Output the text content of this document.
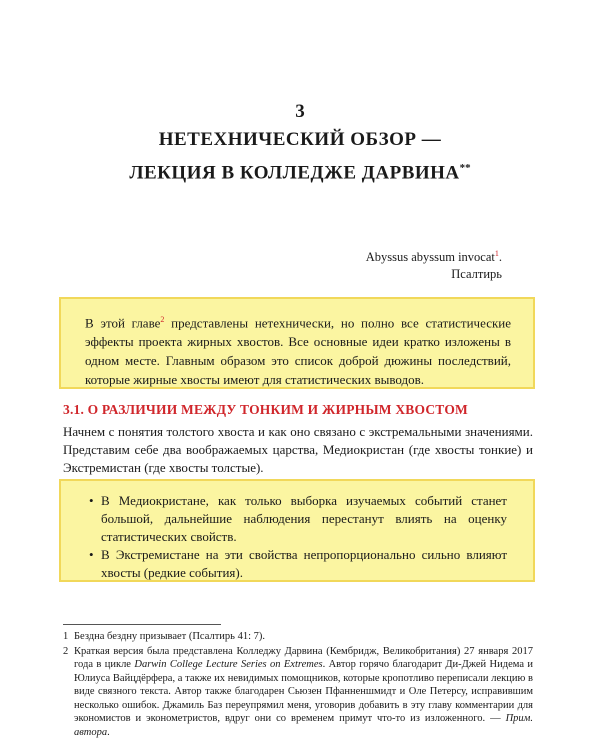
3
НЕТЕХНИЧЕСКИЙ ОБЗОР —
ЛЕКЦИЯ В КОЛЛЕДЖЕ ДАРВИНА**
Abyssus abyssum invocat$^1$.
Псалтирь

В этой главе$^2$ представлены нетехнически, но полно все статистические эффекты проекта жирных хвостов. Все основные идеи кратко изложены в одном месте. Главным образом это список доброй дюжины последствий, которые жирные хвосты имеют для статистических выводов.

3.1. О РАЗЛИЧИИ МЕЖДУ ТОНКИМ И ЖИРНЫМ ХВОСТОМ

Начнем с понятия толстого хвоста и как оно связано с экстремальными значениями. Представим себе два воображаемых царства, Медиокристан (где хвосты тонкие) и Экстремистан (где хвосты толстые).

• В Медиокристане, как только выборка изучаемых событий станет большой, дальнейшие наблюдения перестанут влиять на оценку статистических свойств.
• В Экстремистане на эти свойства непропорционально сильно влияют хвосты (редкие события).
1 Бездна бездну призывает (Псалтирь 41: 7).
2 Краткая версия была представлена Колледжу Дарвина (Кембридж, Великобритания) 27 января 2017 года в цикле Darwin College Lecture Series on Extremes. Автор горячо благодарит Ди-Джей Нидема и Юлиуса Вайцдёрфера, а также их невидимых помощников, которые кропотливо переписали лекцию в виде связного текста. Автор также благодарен Сьюзен Пфанненшмидт и Оле Петерсу, исправившим несколько ошибок. Джамиль Баз переупрямил меня, уговорив добавить в эту главу комментарии для экономистов и эконометристов, вдруг они со временем примут что-то из изложенного. — Прим. автора.
